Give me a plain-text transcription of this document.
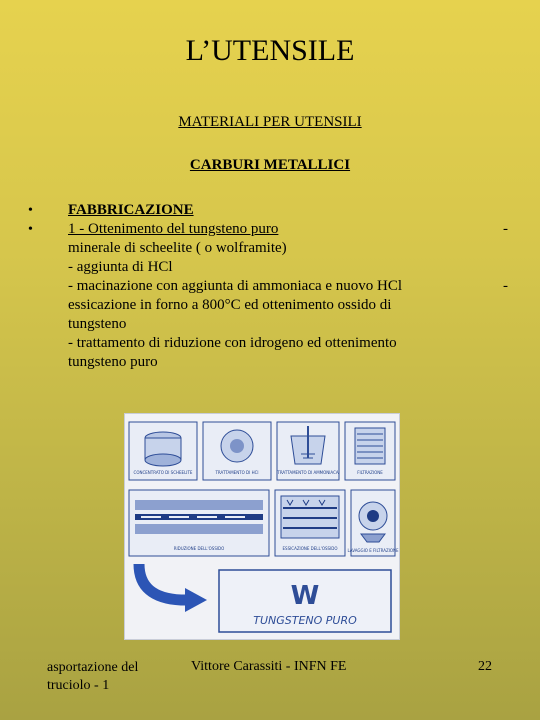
L’UTENSILE
MATERIALI PER UTENSILI
CARBURI METALLICI
• FABBRICAZIONE
• 1 - Ottenimento del tungsteno puro	-
minerale di scheelite ( o wolframite)
- aggiunta di HCl
- macinazione con aggiunta di ammoniaca e nuovo HCl	-
essicazione in forno a 800°C ed ottenimento ossido di
tungsteno
- trattamento di riduzione con idrogeno ed ottenimento
tungsteno puro
CONCENTRATO DI SCHEELITE	TRATTAMENTO DI HCl	TRATTAMENTO DI AMMONIACA	FILTRAZIONE
RIDUZIONE DELL'OSSIDO	ESSICAZIONE DELL'OSSIDO LAVAGGIO E FILTRAZIONE
W
TUNGSTENO PURO
asportazione del
truciolo - 1
Vittore Carassiti - INFN FE	22
